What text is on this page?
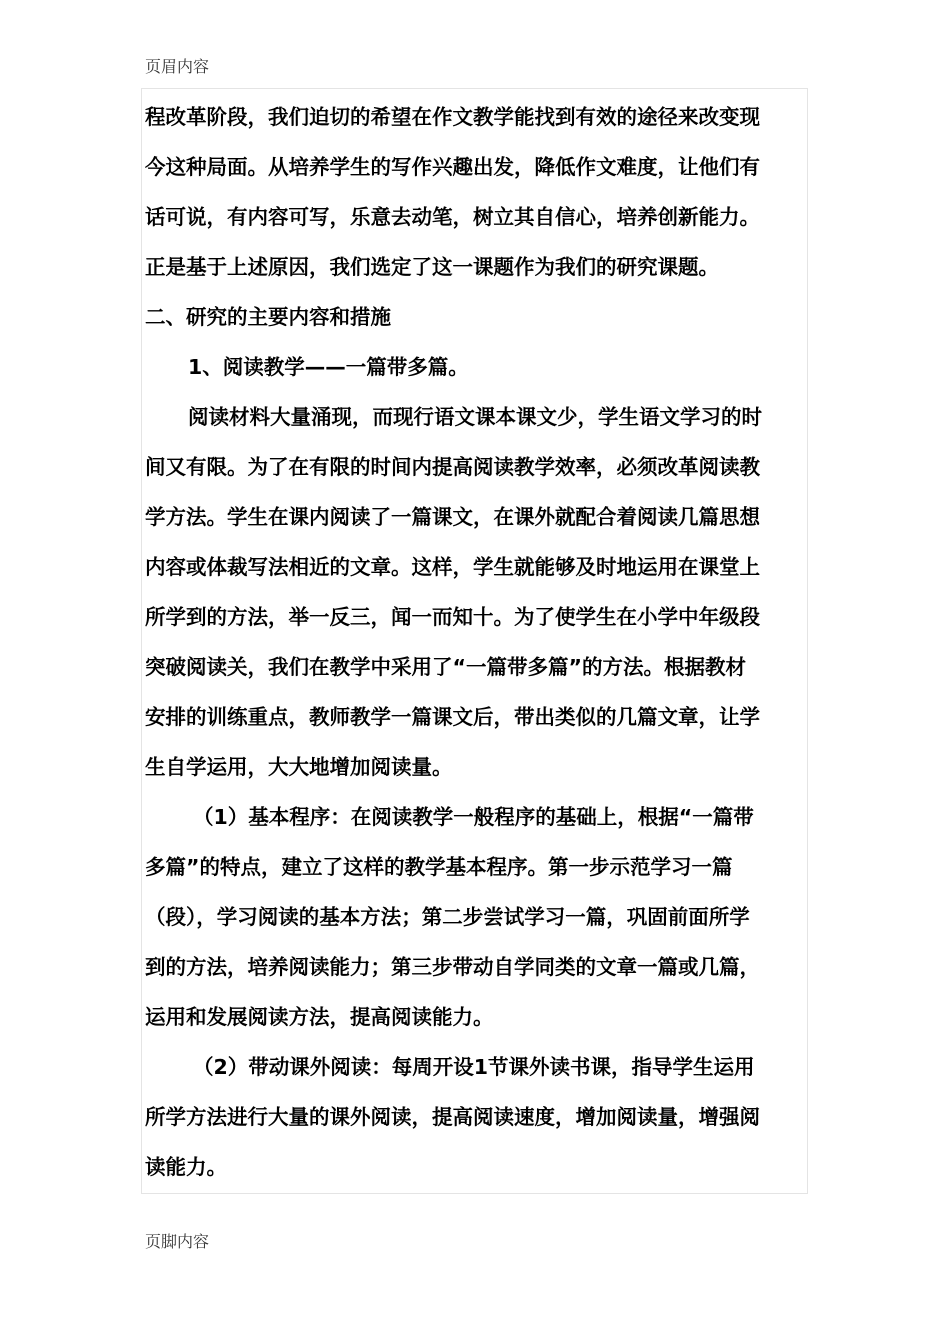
页眉内容
程改革阶段，我们迫切的希望在作文教学能找到有效的途径来改变现
今这种局面。从培养学生的写作兴趣出发，降低作文难度，让他们有
话可说，有内容可写，乐意去动笔，树立其自信心，培养创新能力。
正是基于上述原因，我们选定了这一课题作为我们的研究课题。
二、研究的主要内容和措施
1、阅读教学——一篇带多篇。
阅读材料大量涌现，而现行语文课本课文少，学生语文学习的时
间又有限。为了在有限的时间内提高阅读教学效率，必须改革阅读教
学方法。学生在课内阅读了一篇课文，在课外就配合着阅读几篇思想
内容或体裁写法相近的文章。这样，学生就能够及时地运用在课堂上
所学到的方法，举一反三，闻一而知十。为了使学生在小学中年级段
突破阅读关，我们在教学中采用了“一篇带多篇”的方法。根据教材
安排的训练重点，教师教学一篇课文后，带出类似的几篇文章，让学
生自学运用，大大地增加阅读量。
（1）基本程序：在阅读教学一般程序的基础上，根据“一篇带
多篇”的特点，建立了这样的教学基本程序。第一步示范学习一篇
（段），学习阅读的基本方法；第二步尝试学习一篇，巩固前面所学
到的方法，培养阅读能力；第三步带动自学同类的文章一篇或几篇，
运用和发展阅读方法，提高阅读能力。
（2）带动课外阅读：每周开设1节课外读书课，指导学生运用
所学方法进行大量的课外阅读，提高阅读速度，增加阅读量，增强阅
读能力。
页脚内容
